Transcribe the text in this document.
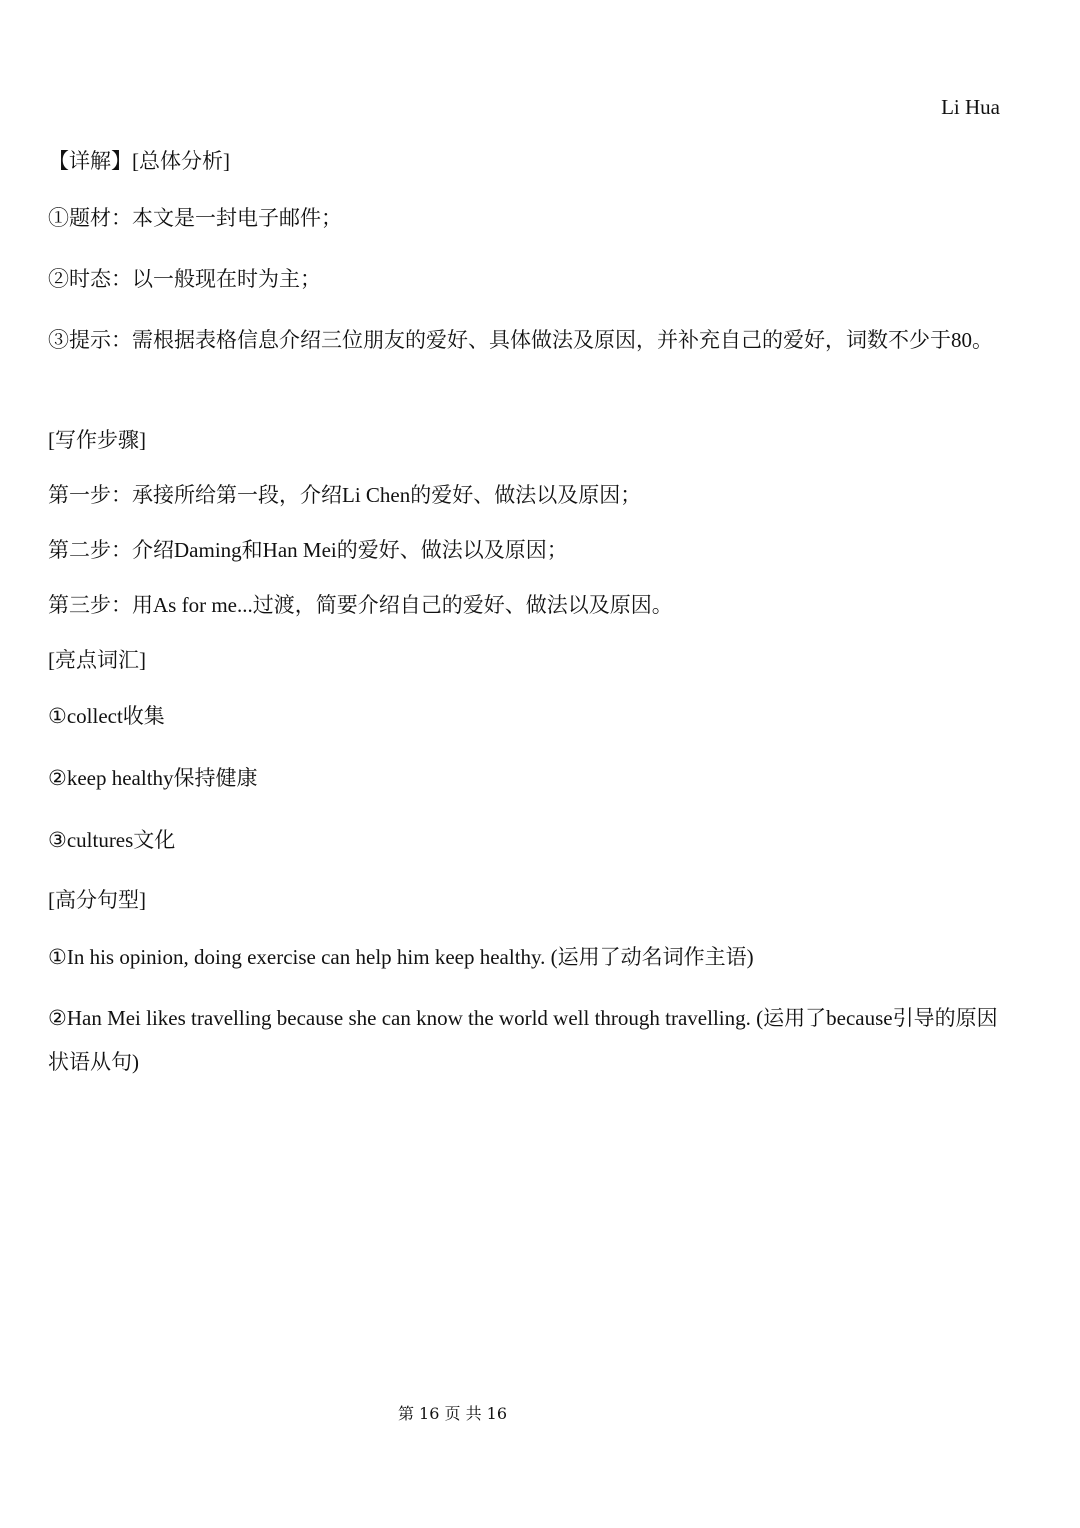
Li Hua
【详解】[总体分析]
①题材：本文是一封电子邮件；
②时态：以一般现在时为主；
③提示：需根据表格信息介绍三位朋友的爱好、具体做法及原因，并补充自己的爱好，词数不少于80。
[写作步骤]
第一步：承接所给第一段，介绍Li Chen的爱好、做法以及原因；
第二步：介绍Daming和Han Mei的爱好、做法以及原因；
第三步：用As for me...过渡，简要介绍自己的爱好、做法以及原因。
[亮点词汇]
①collect收集
②keep healthy保持健康
③cultures文化
[高分句型]
①In his opinion, doing exercise can help him keep healthy. (运用了动名词作主语)
②Han Mei likes travelling because she can know the world well through travelling. (运用了because引导的原因状语从句)
第 16 页 共 16
